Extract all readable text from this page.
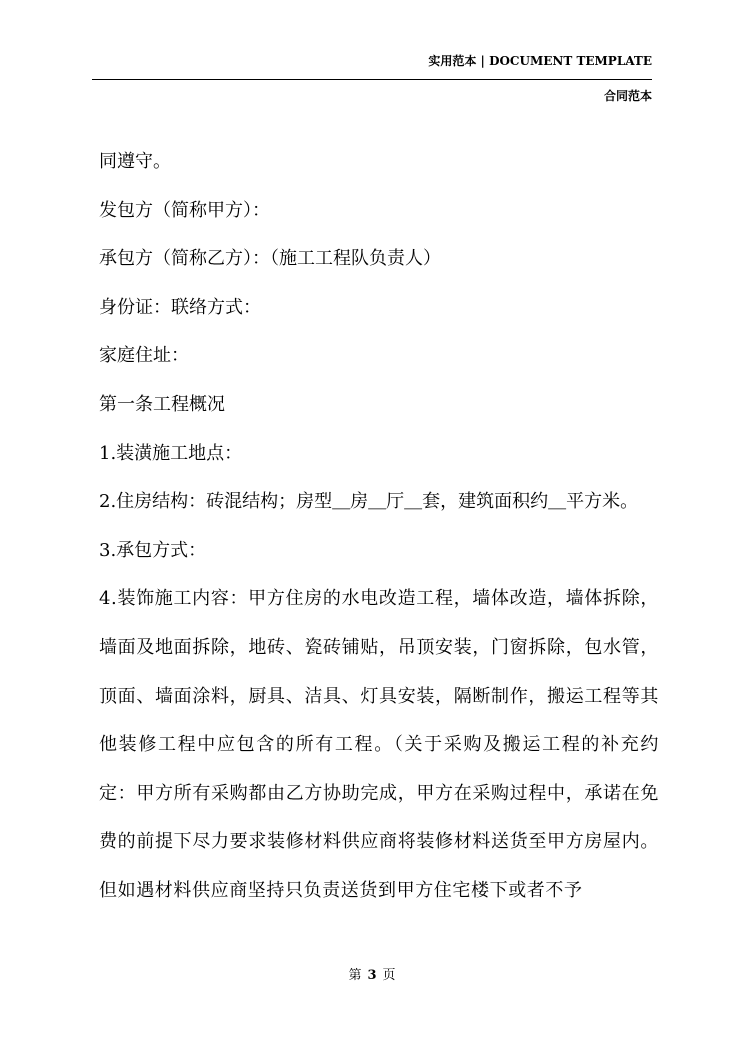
实用范本 | DOCUMENT TEMPLATE
合同范本

同遵守。

发包方（简称甲方）：

承包方（简称乙方）：（施工工程队负责人）

身份证：联络方式：

家庭住址：

第一条工程概况

1.装潢施工地点：

2.住房结构：砖混结构；房型＿房＿厅＿套，建筑面积约＿平方米。

3.承包方式：

4.装饰施工内容：甲方住房的水电改造工程，墙体改造，墙体拆除，墙面及地面拆除，地砖、瓷砖铺贴，吊顶安装，门窗拆除，包水管，顶面、墙面涂料，厨具、洁具、灯具安装，隔断制作，搬运工程等其他装修工程中应包含的所有工程。（关于采购及搬运工程的补充约定：甲方所有采购都由乙方协助完成，甲方在采购过程中，承诺在免费的前提下尽力要求装修材料供应商将装修材料送货至甲方房屋内。但如遇材料供应商坚持只负责送货到甲方住宅楼下或者不予

第 3 页
